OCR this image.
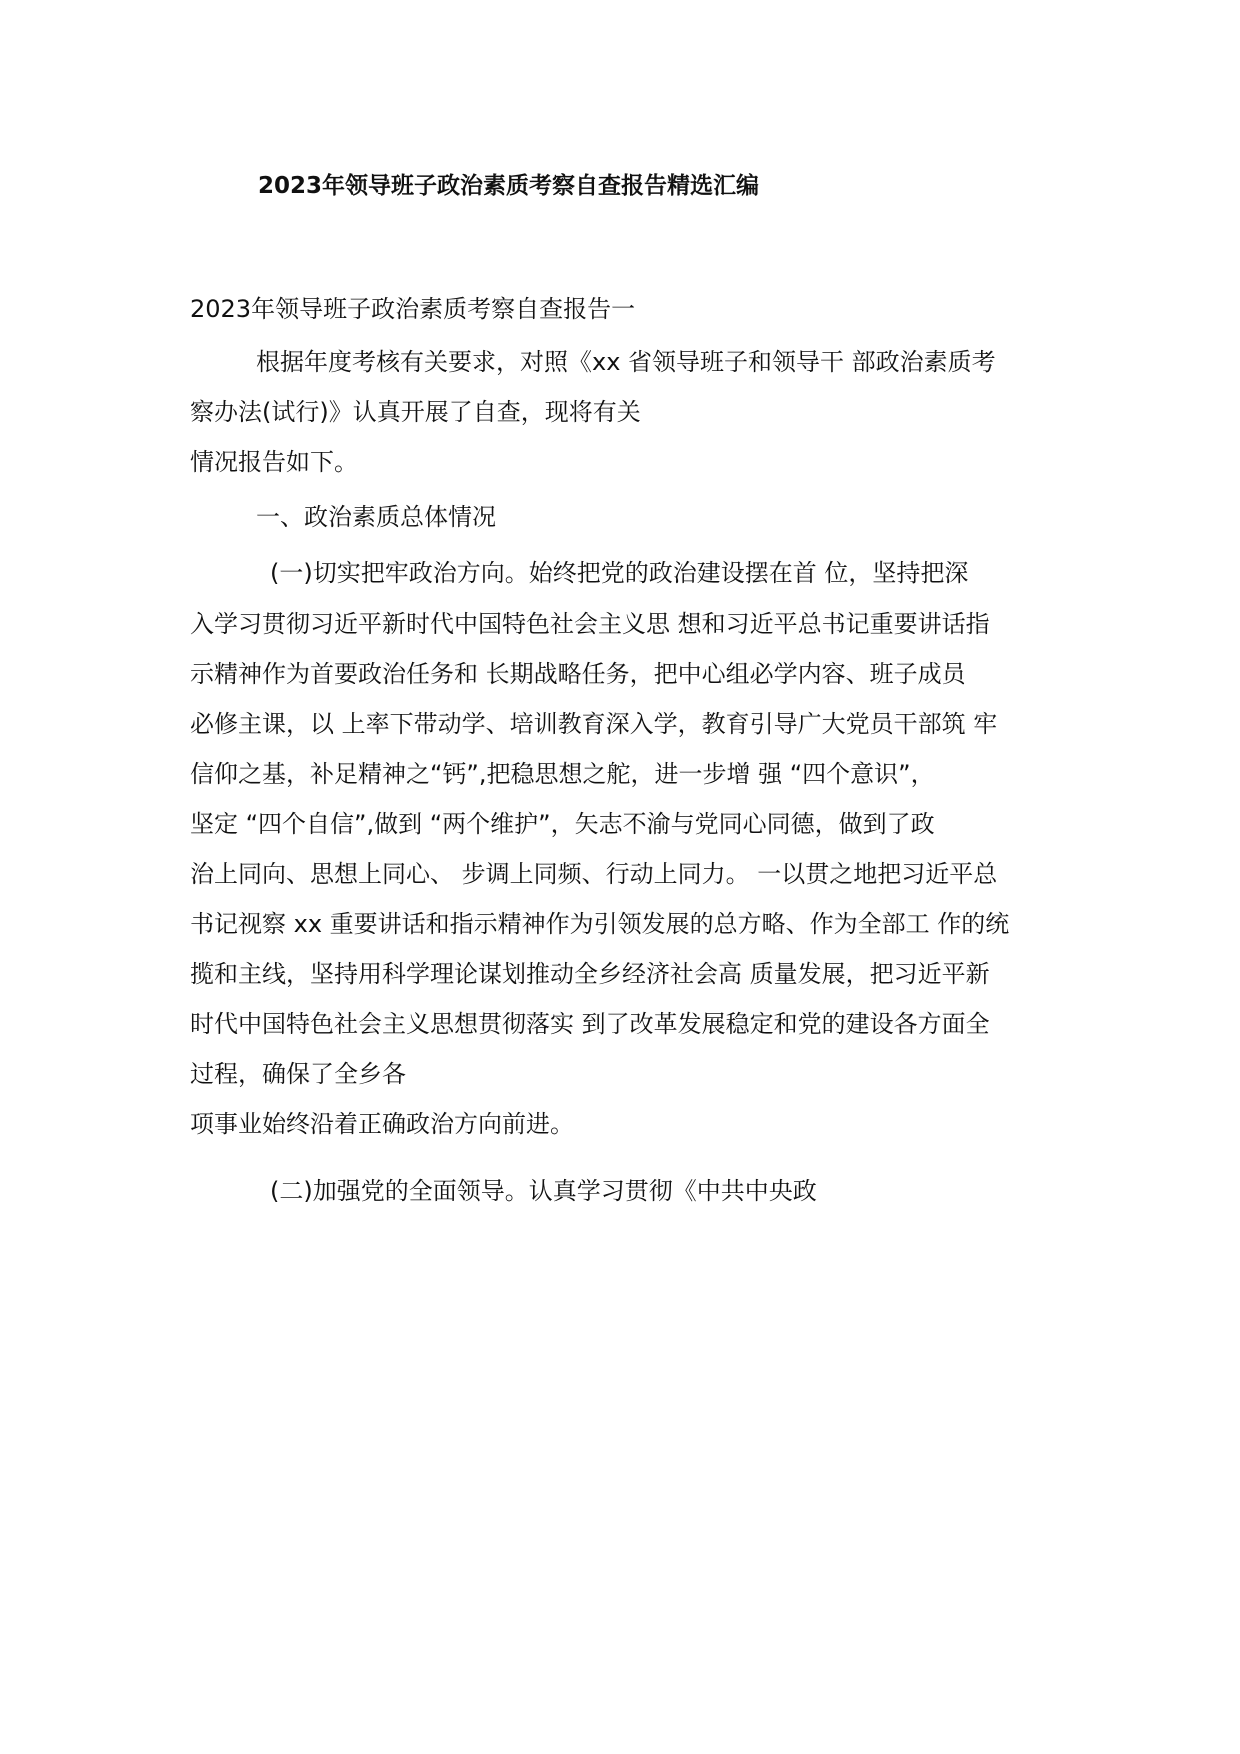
2023年领导班子政治素质考察自查报告精选汇编
2023年领导班子政治素质考察自查报告一
根据年度考核有关要求，对照《xx 省领导班子和领导干 部政治素质考
察办法(试行)》认真开展了自查，现将有关
情况报告如下。
一、政治素质总体情况
(一)切实把牢政治方向。始终把党的政治建设摆在首 位，坚持把深
入学习贯彻习近平新时代中国特色社会主义思 想和习近平总书记重要讲话指
示精神作为首要政治任务和 长期战略任务，把中心组必学内容、班子成员
必修主课，以 上率下带动学、培训教育深入学，教育引导广大党员干部筑 牢
信仰之基，补足精神之“钙”,把稳思想之舵，进一步增 强 “四个意识”，
坚定 “四个自信”,做到 “两个维护”，矢志不渝与党同心同德，做到了政
治上同向、思想上同心、 步调上同频、行动上同力。 一以贯之地把习近平总
书记视察 xx 重要讲话和指示精神作为引领发展的总方略、作为全部工 作的统
揽和主线，坚持用科学理论谋划推动全乡经济社会高 质量发展，把习近平新
时代中国特色社会主义思想贯彻落实 到了改革发展稳定和党的建设各方面全
过程，确保了全乡各
项事业始终沿着正确政治方向前进。
(二)加强党的全面领导。认真学习贯彻《中共中央政
